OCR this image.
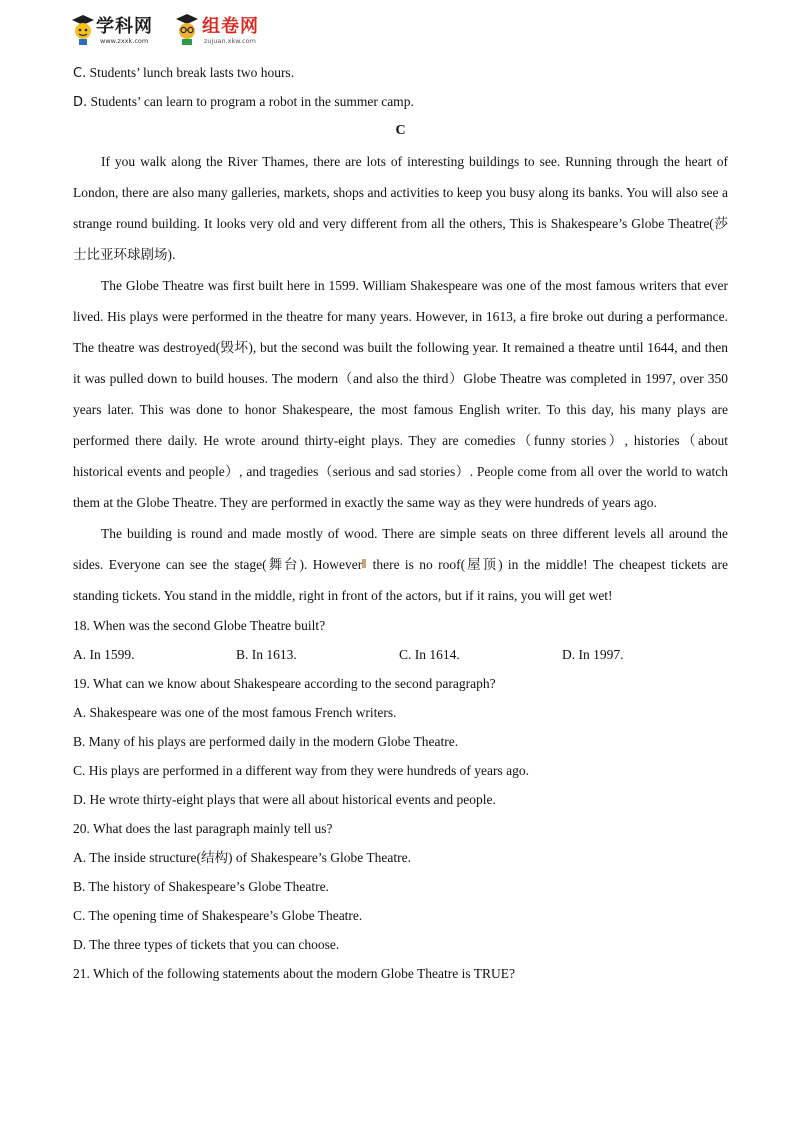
学科网
www.zxxk.com
组卷网
zujuan.xkw.com
C. Students’ lunch break lasts two hours.
D. Students’ can learn to program a robot in the summer camp.
C

If you walk along the River Thames, there are lots of interesting buildings to see. Running through the heart of London, there are also many galleries, markets, shops and activities to keep you busy along its banks. You will also see a strange round building. It looks very old and very different from all the others, This is Shakespeare’s Globe Theatre(莎士比亚环球剧场).

The Globe Theatre was first built here in 1599. William Shakespeare was one of the most famous writers that ever lived. His plays were performed in the theatre for many years. However, in 1613, a fire broke out during a performance. The theatre was destroyed(毁坏), but the second was built the following year. It remained a theatre until 1644, and then it was pulled down to build houses. The modern（and also the third）Globe Theatre was completed in 1997, over 350 years later. This was done to honor Shakespeare, the most famous English writer. To this day, his many plays are performed there daily. He wrote around thirty-eight plays. They are comedies（funny stories）, histories（about historical events and people）, and tragedies（serious and sad stories）. People come from all over the world to watch them at the Globe Theatre. They are performed in exactly the same way as they were hundreds of years ago.

The building is round and made mostly of wood. There are simple seats on three different levels all around the sides. Everyone can see the stage(舞台). However there is no roof(屋顶) in the middle! The cheapest tickets are standing tickets. You stand in the middle, right in front of the actors, but if it rains, you will get wet!

18. When was the second Globe Theatre built?
A. In 1599.	B. In 1613.	C. In 1614.	D. In 1997.
19. What can we know about Shakespeare according to the second paragraph?
A. Shakespeare was one of the most famous French writers.
B. Many of his plays are performed daily in the modern Globe Theatre.
C. His plays are performed in a different way from they were hundreds of years ago.
D. He wrote thirty-eight plays that were all about historical events and people.
20. What does the last paragraph mainly tell us?
A. The inside structure(结构) of Shakespeare’s Globe Theatre.
B. The history of Shakespeare’s Globe Theatre.
C. The opening time of Shakespeare’s Globe Theatre.
D. The three types of tickets that you can choose.
21. Which of the following statements about the modern Globe Theatre is TRUE?
